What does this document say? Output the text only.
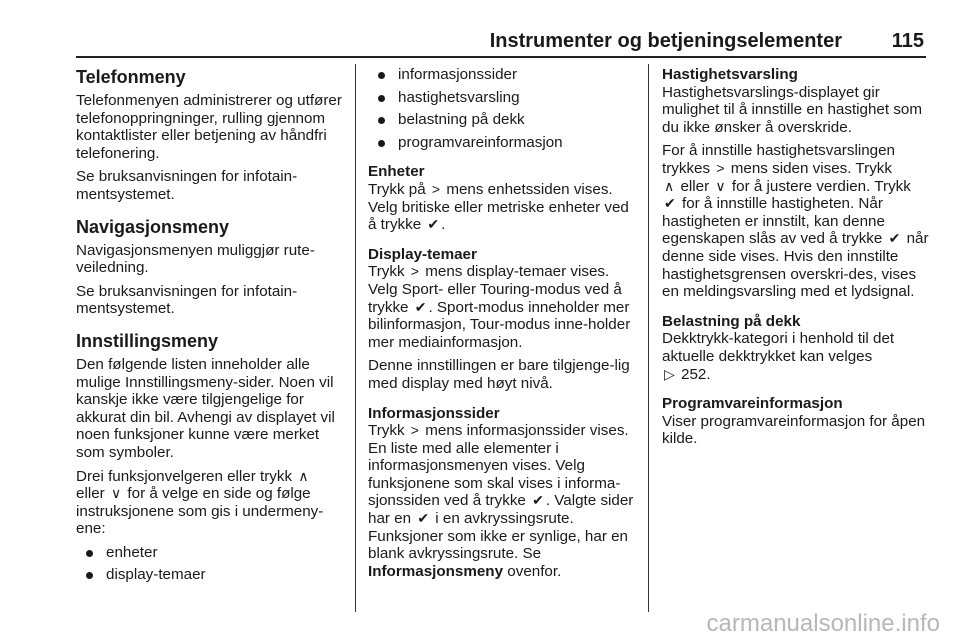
Instrumenter og betjeningselementer 115
Telefonmeny

Telefonmenyen administrerer og utfører telefonoppringninger, rulling gjennom kontaktlister eller betjening av håndfri telefonering.

Se bruksanvisningen for infotain-mentsystemet.

Navigasjonsmeny

Navigasjonsmenyen muliggjør rute-veiledning.

Se bruksanvisningen for infotain-mentsystemet.

Innstillingsmeny

Den følgende listen inneholder alle mulige Innstillingsmeny-sider. Noen vil kanskje ikke være tilgjengelige for akkurat din bil. Avhengi av displayet vil noen funksjoner kunne være merket som symboler.

Drei funksjonvelgeren eller trykk ∧
eller ∨ for å velge en side og følge instruksjonene som gis i undermeny-ene:

enheter
display-temaer
informasjonssider
hastighetsvarsling
belastning på dekk
programvareinformasjon
Enheter

Trykk på > mens enhetssiden vises. Velg britiske eller metriske enheter ved å trykke ✔ .

Display-temaer

Trykk > mens display-temaer vises. Velg Sport- eller Touring-modus ved å trykke ✔ . Sport-modus inneholder mer bilinformasjon, Tour-modus inne-holder mer mediainformasjon.

Denne innstillingen er bare tilgjenge-lig med display med høyt nivå.

Informasjonssider

Trykk > mens informasjonssider vises. En liste med alle elementer i informasjonsmenyen vises. Velg funksjonene som skal vises i informa-sjonssiden ved å trykke ✔ . Valgte sider har en ✔ i en avkryssingsrute. Funksjoner som ikke er synlige, har en blank avkryssingsrute. Se Informasjonsmeny ovenfor.

Hastighetsvarsling

Hastighetsvarslings-displayet gir mulighet til å innstille en hastighet som du ikke ønsker å overskride.

For å innstille hastighetsvarslingen trykkes > mens siden vises. Trykk
∧ eller ∨ for å justere verdien. Trykk ✔ for å innstille hastigheten. Når hastigheten er innstilt, kan denne egenskapen slås av ved å trykke ✔ når denne side vises. Hvis den innstilte hastighetsgrensen overskri-des, vises en meldingsvarsling med et lydsignal.

Belastning på dekk

Dekktrykk-kategori i henhold til det aktuelle dekktrykket kan velges
▷ 252.

Programvareinformasjon

Viser programvareinformasjon for åpen kilde.

carmanualsonline.info
